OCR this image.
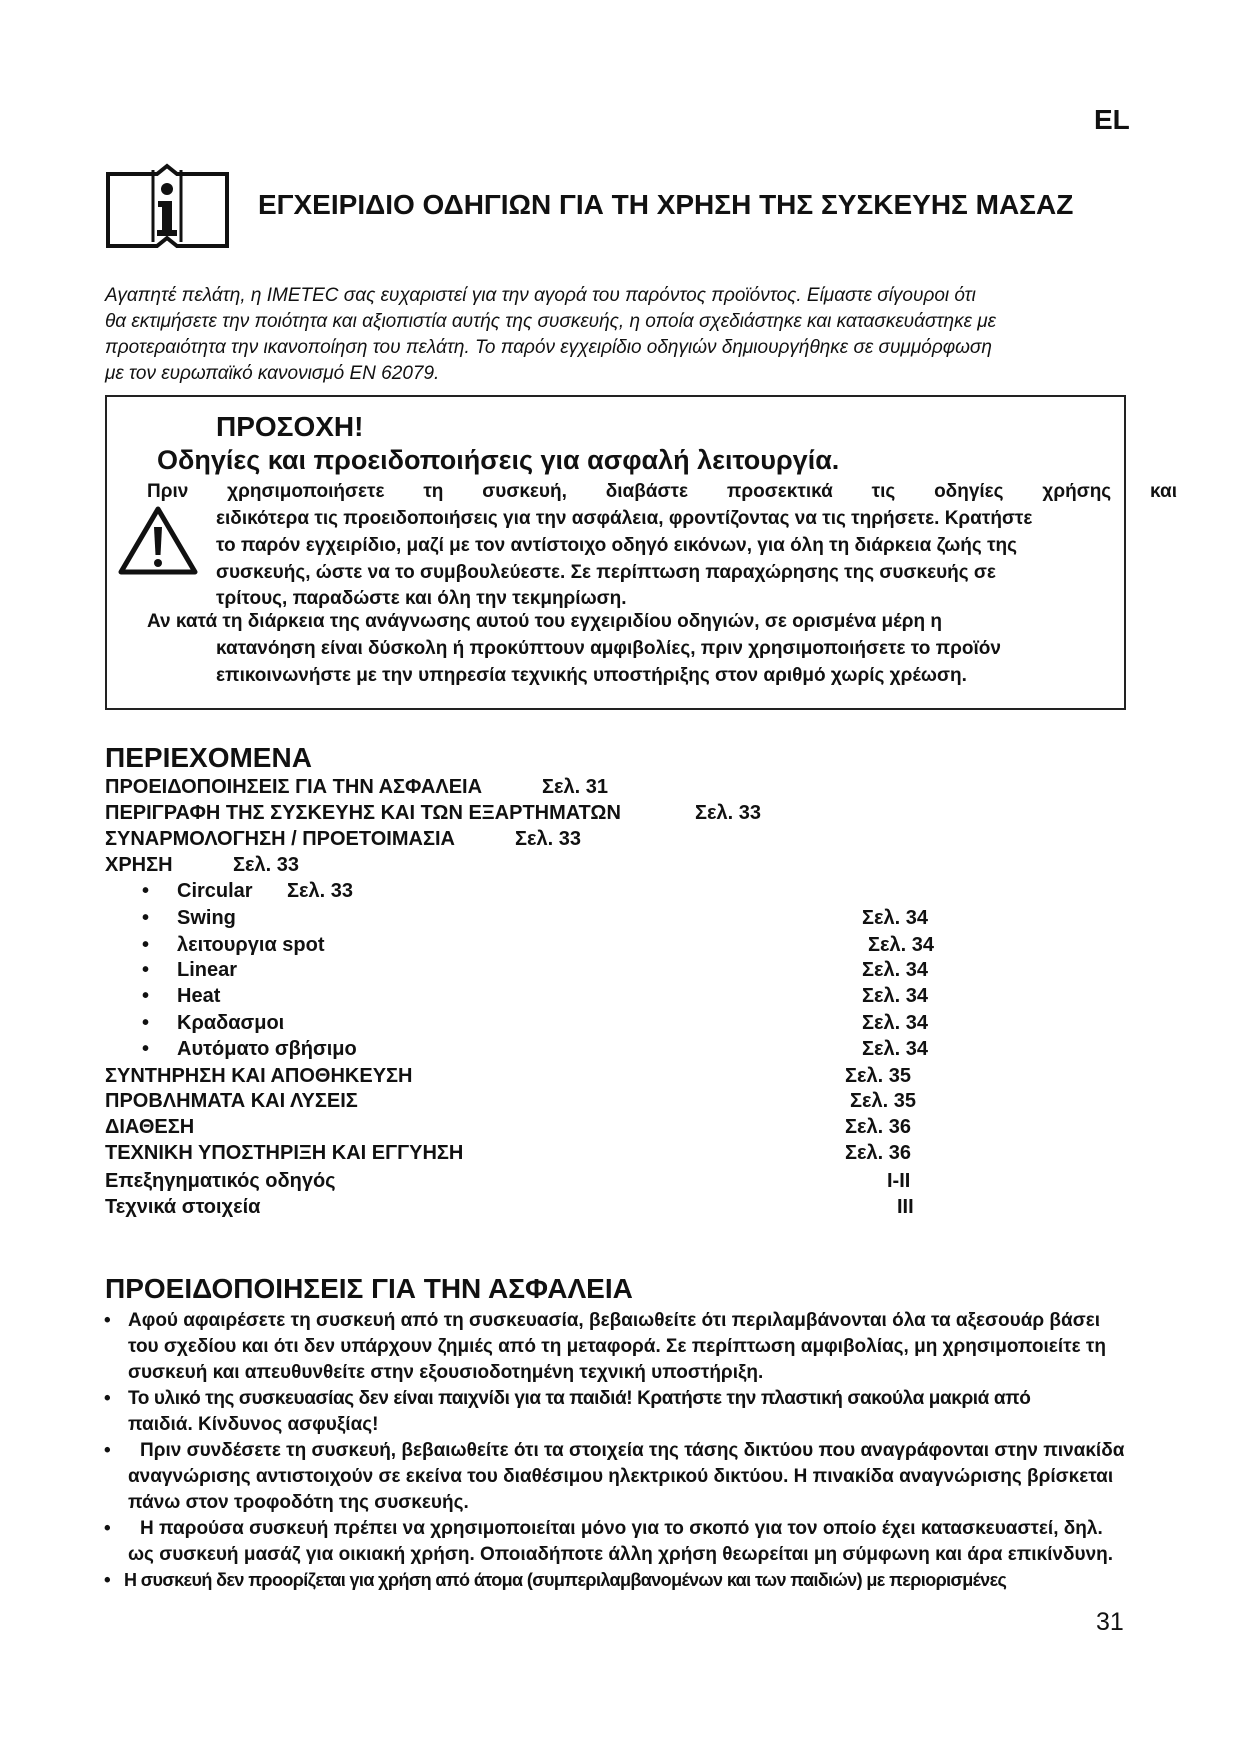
EL
ΕΓΧΕΙΡΙΔΙΟ ΟΔΗΓΙΩΝ ΓΙΑ ΤΗ ΧΡΗΣΗ ΤΗΣ ΣΥΣΚΕΥΗΣ ΜΑΣΑΖ
Αγαπητέ πελάτη, η IMETEC σας ευχαριστεί για την αγορά του παρόντος προϊόντος. Είμαστε σίγουροι ότι
θα εκτιμήσετε την ποιότητα και αξιοπιστία αυτής της συσκευής, η οποία σχεδιάστηκε και κατασκευάστηκε με
προτεραιότητα την ικανοποίηση του πελάτη. Το παρόν εγχειρίδιο οδηγιών δημιουργήθηκε σε συμμόρφωση
με τον ευρωπαϊκό κανονισμό EN 62079.
ΠΡΟΣΟΧΗ!
Οδηγίες και προειδοποιήσεις για ασφαλή λειτουργία.
Πριν χρησιμοποιήσετε τη συσκευή, διαβάστε προσεκτικά τις οδηγίες χρήσης και
ειδικότερα τις προειδοποιήσεις για την ασφάλεια, φροντίζοντας να τις τηρήσετε. Κρατήστε
το παρόν εγχειρίδιο, μαζί με τον αντίστοιχο οδηγό εικόνων, για όλη τη διάρκεια ζωής της
συσκευής, ώστε να το συμβουλεύεστε. Σε περίπτωση παραχώρησης της συσκευής σε
τρίτους, παραδώστε και όλη την τεκμηρίωση.
Αν κατά τη διάρκεια της ανάγνωσης αυτού του εγχειριδίου οδηγιών, σε ορισμένα μέρη η
κατανόηση είναι δύσκολη ή προκύπτουν αμφιβολίες, πριν χρησιμοποιήσετε το προϊόν
επικοινωνήστε με την υπηρεσία τεχνικής υποστήριξης στον αριθμό χωρίς χρέωση.
ΠΕΡΙΕΧΟΜΕΝΑ
ΠΡΟΕΙΔΟΠΟΙΗΣΕΙΣ ΓΙΑ ΤΗΝ ΑΣΦΑΛΕΙΑ	Σελ. 31
ΠΕΡΙΓΡΑΦΗ ΤΗΣ ΣΥΣΚΕΥΗΣ ΚΑΙ ΤΩΝ ΕΞΑΡΤΗΜΑΤΩΝ	Σελ. 33
ΣΥΝΑΡΜΟΛΟΓΗΣΗ / ΠΡΟΕΤΟΙΜΑΣΙΑ	Σελ. 33
ΧΡΗΣΗ	Σελ. 33
• Circular Σελ. 33
• Swing	Σελ. 34
• λειτουργια spot	Σελ. 34
• Linear	Σελ. 34
• Heat	Σελ. 34
• Κραδασμοι	Σελ. 34
• Αυτόματο σβήσιμο	Σελ. 34
ΣΥΝΤΗΡΗΣΗ ΚΑΙ ΑΠΟΘΗΚΕΥΣΗ	Σελ. 35
ΠΡΟΒΛΗΜΑΤΑ ΚΑΙ ΛΥΣΕΙΣ	Σελ. 35
ΔΙΑΘΕΣΗ	Σελ. 36
ΤΕΧΝΙΚΗ ΥΠΟΣΤΗΡΙΞΗ ΚΑΙ ΕΓΓΥΗΣΗ	Σελ. 36
Επεξηγηματικός οδηγός	I-II
Τεχνικά στοιχεία	III
ΠΡΟΕΙΔΟΠΟΙΗΣΕΙΣ ΓΙΑ ΤΗΝ ΑΣΦΑΛΕΙΑ
• Αφού αφαιρέσετε τη συσκευή από τη συσκευασία, βεβαιωθείτε ότι περιλαμβάνονται όλα τα αξεσουάρ βάσει
του σχεδίου και ότι δεν υπάρχουν ζημιές από τη μεταφορά. Σε περίπτωση αμφιβολίας, μη χρησιμοποιείτε τη
συσκευή και απευθυνθείτε στην εξουσιοδοτημένη τεχνική υποστήριξη.
• Το υλικό της συσκευασίας δεν είναι παιχνίδι για τα παιδιά! Κρατήστε την πλαστική σακούλα μακριά από
παιδιά. Κίνδυνος ασφυξίας!
• Πριν συνδέσετε τη συσκευή, βεβαιωθείτε ότι τα στοιχεία της τάσης δικτύου που αναγράφονται στην πινακίδα
αναγνώρισης αντιστοιχούν σε εκείνα του διαθέσιμου ηλεκτρικού δικτύου. Η πινακίδα αναγνώρισης βρίσκεται
πάνω στον τροφοδότη της συσκευής.
• Η παρούσα συσκευή πρέπει να χρησιμοποιείται μόνο για το σκοπό για τον οποίο έχει κατασκευαστεί, δηλ.
ως συσκευή μασάζ για οικιακή χρήση. Οποιαδήποτε άλλη χρήση θεωρείται μη σύμφωνη και άρα επικίνδυνη.
• Η συσκευή δεν προορίζεται για χρήση από άτομα (συμπεριλαμβανομένων και των παιδιών) με περιορισμένες
31
